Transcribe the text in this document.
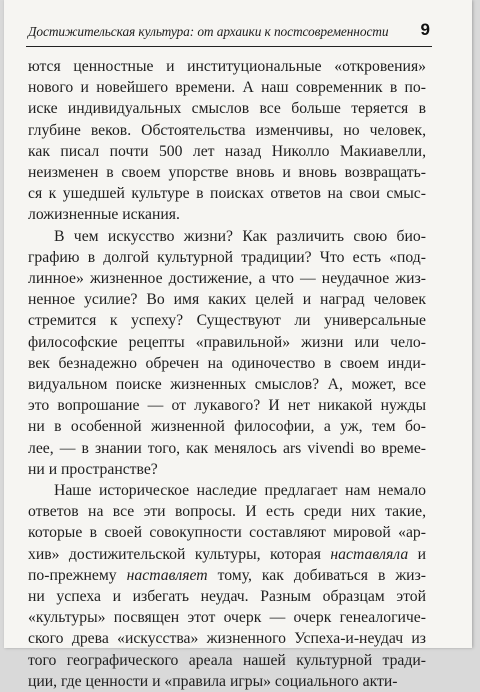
Достижительская культура: от архаики к постсовременности 9
ются ценностные и институциональные «откровения»
нового и новейшего времени. А наш современник в по-
иске индивидуальных смыслов все больше теряется в
глубине веков. Обстоятельства изменчивы, но человек,
как писал почти 500 лет назад Николло Макиавелли,
неизменен в своем упорстве вновь и вновь возвращать-
ся к ушедшей культуре в поисках ответов на свои смыс-
ложизненные искания.
В чем искусство жизни? Как различить свою био-
графию в долгой культурной традиции? Что есть «под-
линное» жизненное достижение, а что — неудачное жиз-
ненное усилие? Во имя каких целей и наград человек
стремится к успеху? Существуют ли универсальные
философские рецепты «правильной» жизни или чело-
век безнадежно обречен на одиночество в своем инди-
видуальном поиске жизненных смыслов? А, может, все
это вопрошание — от лукавого? И нет никакой нужды
ни в особенной жизненной философии, а уж, тем бо-
лее, — в знании того, как менялось ars vivendi во време-
ни и пространстве?
Наше историческое наследие предлагает нам немало
ответов на все эти вопросы. И есть среди них такие,
которые в своей совокупности составляют мировой «ар-
хив» достижительской культуры, которая наставляла и
по-прежнему наставляет тому, как добиваться в жиз-
ни успеха и избегать неудач. Разным образцам этой
«культуры» посвящен этот очерк — очерк генеалогиче-
ского древа «искусства» жизненного Успеха-и-неудач из
того географического ареала нашей культурной тради-
ции, где ценности и «правила игры» социального акти-
